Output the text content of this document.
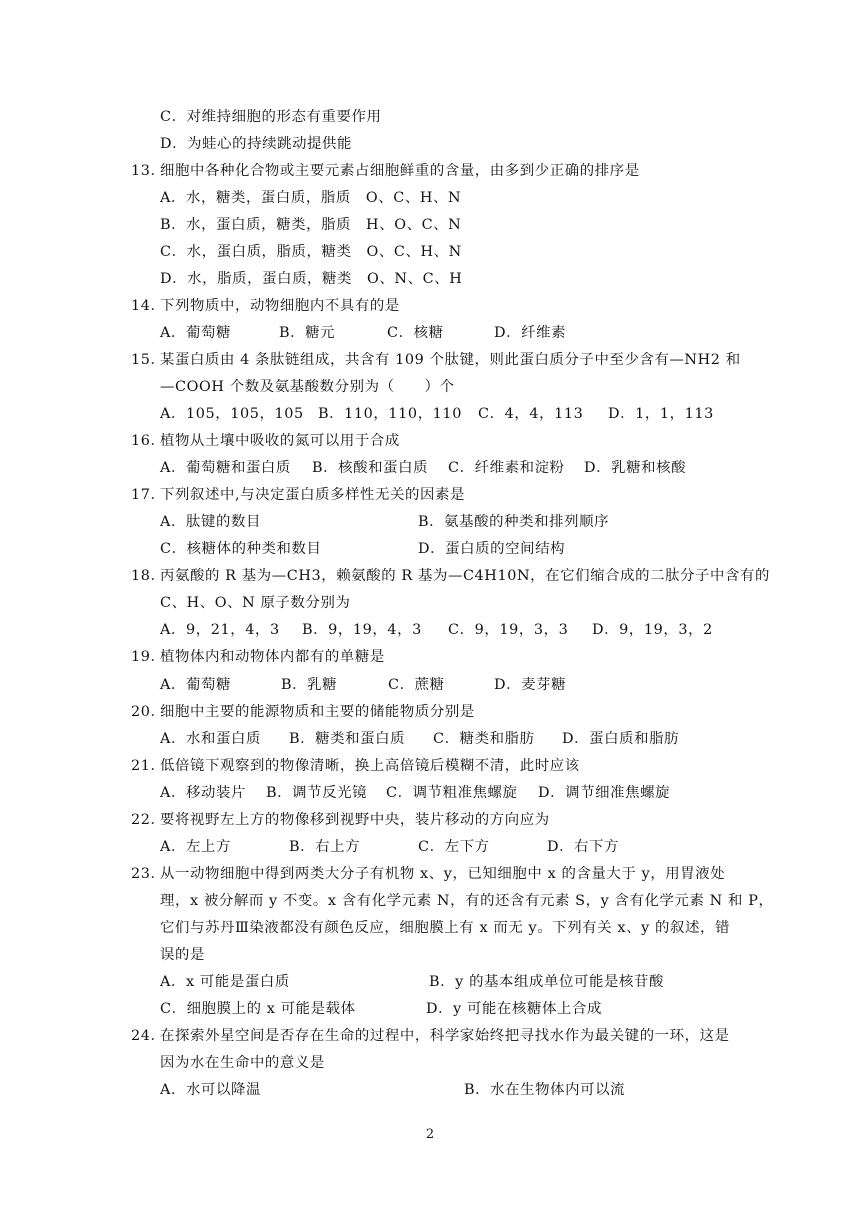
C．对维持细胞的形态有重要作用
D．为蛙心的持续跳动提供能
13．
细胞中各种化合物或主要元素占细胞鲜重的含量，由多到少正确的排序是
A．水，糖类，蛋白质，脂质　O、C、H、N
B．水，蛋白质，糖类，脂质　H、O、C、N
C．水，蛋白质，脂质，糖类　O、C、H、N
D．水，脂质，蛋白质，糖类　O、N、C、H
14．
下列物质中，动物细胞内不具有的是
A．葡萄糖	B．糖元	C．核糖	D．纤维素
15．
某蛋白质由 4 条肽链组成，共含有 109 个肽键，则此蛋白质分子中至少含有—NH2 和
—COOH 个数及氨基酸数分别为（　　）个
A．105，105，105 B．110，110，110 C．4，4，113 D．1，1，113
16．
植物从土壤中吸收的氮可以用于合成
A．葡萄糖和蛋白质 B．核酸和蛋白质 C．纤维素和淀粉 D．乳糖和核酸
17．
下列叙述中,与决定蛋白质多样性无关的因素是
A．肽键的数目	B．氨基酸的种类和排列顺序
C．核糖体的种类和数目	D．蛋白质的空间结构
18．
丙氨酸的 R 基为—CH3，赖氨酸的 R 基为—C4H10N，在它们缩合成的二肽分子中含有的
C、H、O、N 原子数分别为
A．9，21，4，3 B．9，19，4，3 C．9，19，3，3 D．9，19，3，2
19．
植物体内和动物体内都有的单糖是
A．葡萄糖	B．乳糖	C．蔗糖	D．麦芽糖
20．
细胞中主要的能源物质和主要的储能物质分别是
A．水和蛋白质 B．糖类和蛋白质 C．糖类和脂肪 D．蛋白质和脂肪
21．
低倍镜下观察到的物像清晰，换上高倍镜后模糊不清，此时应该
A．移动装片 B．调节反光镜 C．调节粗准焦螺旋 D．调节细准焦螺旋
22．
要将视野左上方的物像移到视野中央，装片移动的方向应为
A．左上方	B．右上方	C．左下方	D．右下方
23．
从一动物细胞中得到两类大分子有机物 x、y，已知细胞中 x 的含量大于 y，用胃液处
理，x 被分解而 y 不变。x 含有化学元素 N，有的还含有元素 S，y 含有化学元素 N 和 P，
它们与苏丹Ⅲ染液都没有颜色反应，细胞膜上有 x 而无 y。下列有关 x、y 的叙述，错
误的是
A．x 可能是蛋白质	B．y 的基本组成单位可能是核苷酸
C．细胞膜上的 x 可能是载体	D．y 可能在核糖体上合成
24．
在探索外星空间是否存在生命的过程中，科学家始终把寻找水作为最关键的一环，这是
因为水在生命中的意义是
A．水可以降温	B．水在生物体内可以流
2
